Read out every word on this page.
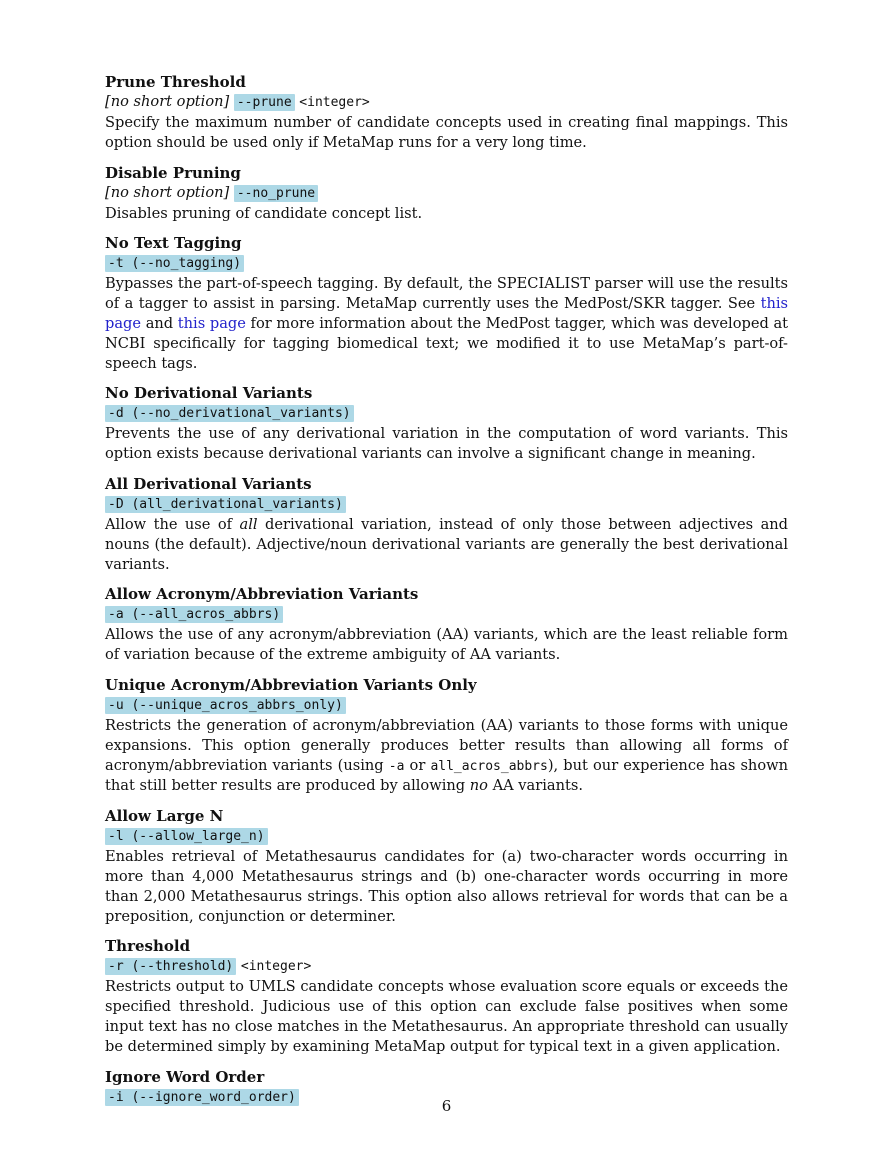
Prune Threshold

[no short option] --prune <integer>

Specify the maximum number of candidate concepts used in creating final mappings. This option should be used only if MetaMap runs for a very long time.

Disable Pruning

[no short option] --no_prune

Disables pruning of candidate concept list.

No Text Tagging

-t (--no_tagging)

Bypasses the part-of-speech tagging. By default, the SPECIALIST parser will use the results of a tagger to assist in parsing. MetaMap currently uses the MedPost/SKR tagger. See this page and this page for more information about the MedPost tagger, which was developed at NCBI specifically for tagging biomedical text; we modified it to use MetaMap’s part-of-speech tags.

No Derivational Variants

-d (--no_derivational_variants)

Prevents the use of any derivational variation in the computation of word variants. This option exists because derivational variants can involve a significant change in meaning.

All Derivational Variants

-D (all_derivational_variants)

Allow the use of all derivational variation, instead of only those between adjectives and nouns (the default). Adjective/noun derivational variants are generally the best derivational variants.

Allow Acronym/Abbreviation Variants

-a (--all_acros_abbrs)

Allows the use of any acronym/abbreviation (AA) variants, which are the least reliable form of variation because of the extreme ambiguity of AA variants.

Unique Acronym/Abbreviation Variants Only

-u (--unique_acros_abbrs_only)

Restricts the generation of acronym/abbreviation (AA) variants to those forms with unique expansions. This option generally produces better results than allowing all forms of acronym/abbreviation variants (using -a or all_acros_abbrs), but our experience has shown that still better results are produced by allowing no AA variants.

Allow Large N

-l (--allow_large_n)

Enables retrieval of Metathesaurus candidates for (a) two-character words occurring in more than 4,000 Metathesaurus strings and (b) one-character words occurring in more than 2,000 Metathesaurus strings. This option also allows retrieval for words that can be a preposition, conjunction or determiner.

Threshold

-r (--threshold) <integer>

Restricts output to UMLS candidate concepts whose evaluation score equals or exceeds the specified threshold. Judicious use of this option can exclude false positives when some input text has no close matches in the Metathesaurus. An appropriate threshold can usually be determined simply by examining MetaMap output for typical text in a given application.

Ignore Word Order

-i (--ignore_word_order)	6
